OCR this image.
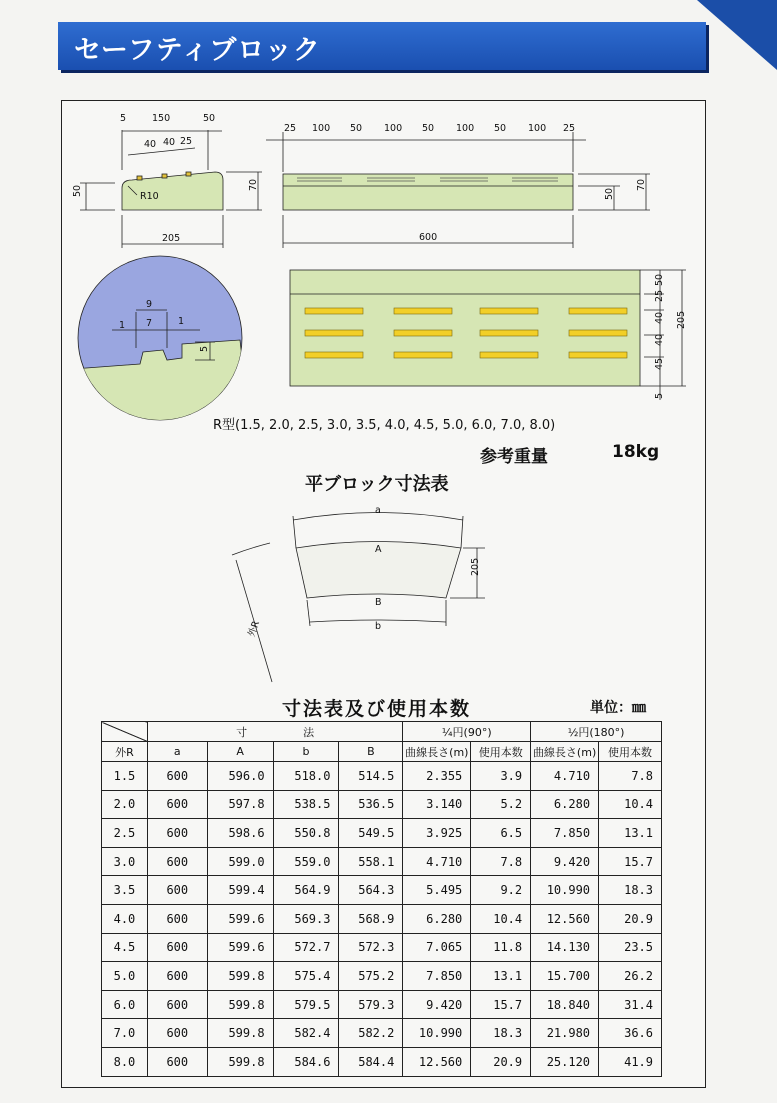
セーフティブロック
5	150	50
40 40 25
R10
50	70
205
25 100 50 100 50 100 50 100 25
600
50
70
9
7
1	1
5
50
25
40
40
45
5
205
a
A
B
b
205
外R
R型(1.5, 2.0, 2.5, 3.0, 3.5, 4.0, 4.5, 5.0, 6.0, 7.0, 8.0)
参考重量	18kg
平ブロック寸法表
寸法表及び使用本数	単位：㎜
	寸 法				¼円(90°)		½円(180°)	
外R	a	A	b	B	曲線長さ(m)	使用本数	曲線長さ(m)	使用本数
1.5	600	596.0	518.0	514.5	2.355	3.9	4.710	7.8
2.0	600	597.8	538.5	536.5	3.140	5.2	6.280	10.4
2.5	600	598.6	550.8	549.5	3.925	6.5	7.850	13.1
3.0	600	599.0	559.0	558.1	4.710	7.8	9.420	15.7
3.5	600	599.4	564.9	564.3	5.495	9.2	10.990	18.3
4.0	600	599.6	569.3	568.9	6.280	10.4	12.560	20.9
4.5	600	599.6	572.7	572.3	7.065	11.8	14.130	23.5
5.0	600	599.8	575.4	575.2	7.850	13.1	15.700	26.2
6.0	600	599.8	579.5	579.3	9.420	15.7	18.840	31.4
7.0	600	599.8	582.4	582.2	10.990	18.3	21.980	36.6
8.0	600	599.8	584.6	584.4	12.560	20.9	25.120	41.9
